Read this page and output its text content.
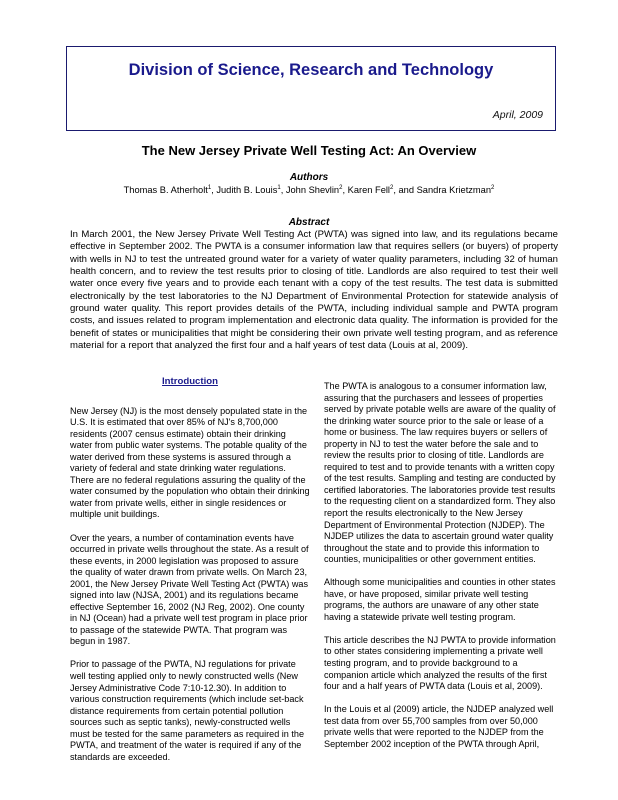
Division of Science, Research and Technology
April, 2009
The New Jersey Private Well Testing Act: An Overview
Authors
Thomas B. Atherholt$^1$, Judith B. Louis$^1$, John Shevlin$^2$, Karen Fell$^2$, and Sandra Krietzman$^2$
Abstract
In March 2001, the New Jersey Private Well Testing Act (PWTA) was signed into law, and its regulations became effective in September 2002. The PWTA is a consumer information law that requires sellers (or buyers) of property with wells in NJ to test the untreated ground water for a variety of water quality parameters, including 32 of human health concern, and to review the test results prior to closing of title. Landlords are also required to test their well water once every five years and to provide each tenant with a copy of the test results. The test data is submitted electronically by the test laboratories to the NJ Department of Environmental Protection for statewide analysis of ground water quality. This report provides details of the PWTA, including individual sample and PWTA program costs, and issues related to program implementation and electronic data quality. The information is provided for the benefit of states or municipalities that might be considering their own private well testing program, and as reference material for a report that analyzed the first four and a half years of test data (Louis at al, 2009).
Introduction

New Jersey (NJ) is the most densely populated state in the U.S. It is estimated that over 85% of NJ's 8,700,000 residents (2007 census estimate) obtain their drinking water from public water systems. The potable quality of the water derived from these systems is assured through a variety of federal and state drinking water regulations. There are no federal regulations assuring the quality of the water consumed by the population who obtain their drinking water from private wells, either in single residences or multiple unit buildings.

Over the years, a number of contamination events have occurred in private wells throughout the state. As a result of these events, in 2000 legislation was proposed to assure the quality of water drawn from private wells. On March 23, 2001, the New Jersey Private Well Testing Act (PWTA) was signed into law (NJSA, 2001) and its regulations became effective September 16, 2002 (NJ Reg, 2002). One county in NJ (Ocean) had a private well test program in place prior to passage of the statewide PWTA. That program was begun in 1987.

Prior to passage of the PWTA, NJ regulations for private well testing applied only to newly constructed wells (New Jersey Administrative Code 7:10-12.30). In addition to various construction requirements (which include set-back distance requirements from certain potential pollution sources such as septic tanks), newly-constructed wells must be tested for the same parameters as required in the PWTA, and treatment of the water is required if any of the standards are exceeded.

The PWTA is analogous to a consumer information law, assuring that the purchasers and lessees of properties served by private potable wells are aware of the quality of the drinking water source prior to the sale or lease of a home or business. The law requires buyers or sellers of property in NJ to test the water before the sale and to review the results prior to closing of title. Landlords are required to test and to provide tenants with a written copy of the test results. Sampling and testing are conducted by certified laboratories. The laboratories provide test results to the requesting client on a standardized form. They also report the results electronically to the New Jersey Department of Environmental Protection (NJDEP). The NJDEP utilizes the data to ascertain ground water quality throughout the state and to provide this information to counties, municipalities or other government entities.

Although some municipalities and counties in other states have, or have proposed, similar private well testing programs, the authors are unaware of any other state having a statewide private well testing program.

This article describes the NJ PWTA to provide information to other states considering implementing a private well testing program, and to provide background to a companion article which analyzed the results of the first four and a half years of PWTA data (Louis et al, 2009).

In the Louis et al (2009) article, the NJDEP analyzed well test data from over 55,700 samples from over 50,000 private wells that were reported to the NJDEP from the September 2002 inception of the PWTA through April,
